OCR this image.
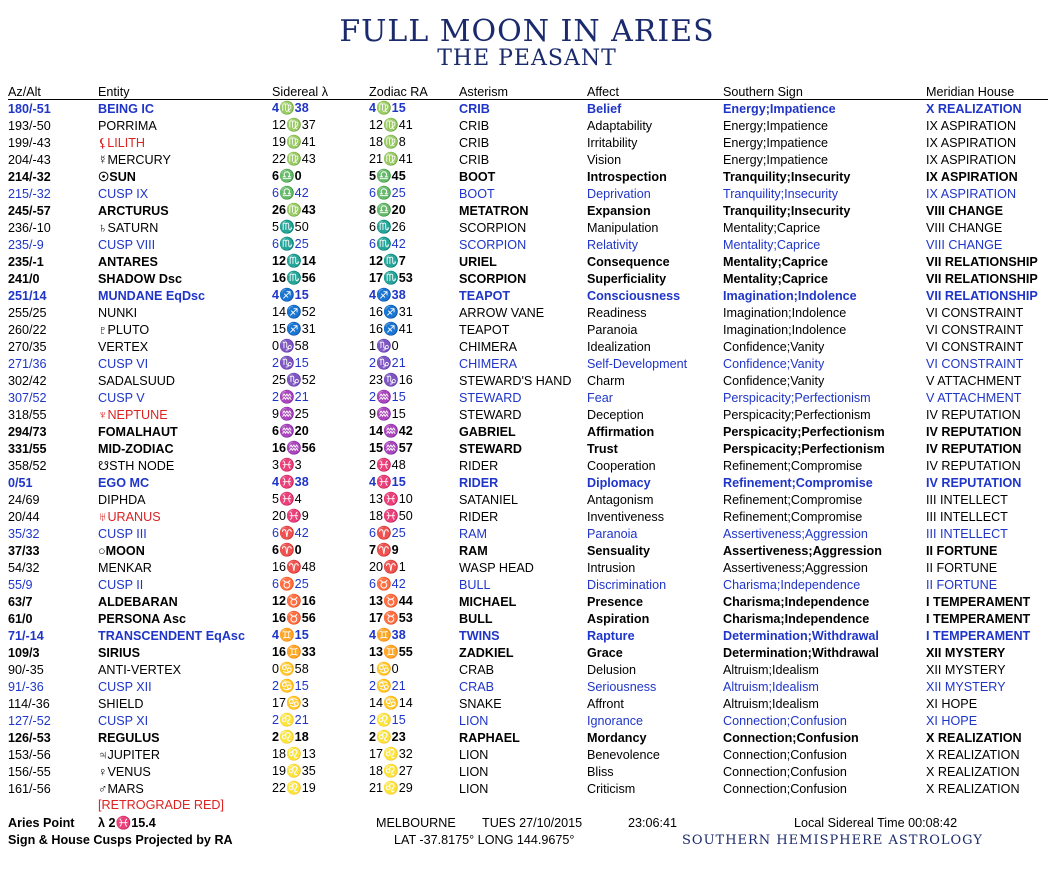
FULL MOON IN ARIES
THE PEASANT
Az/Alt	Entity	Sidereal λ	Zodiac RA	Asterism	Affect	Southern Sign	Meridian House
180/-51	BEING IC	4♍38	4♍15	CRIB	Belief	Energy;Impatience	X REALIZATION
193/-50	PORRIMA	12♍37	12♍41	CRIB	Adaptability	Energy;Impatience	IX ASPIRATION
199/-43	⚸LILITH	19♍41	18♍8	CRIB	Irritability	Energy;Impatience	IX ASPIRATION
204/-43	☿MERCURY	22♍43	21♍41	CRIB	Vision	Energy;Impatience	IX ASPIRATION
214/-32	☉SUN	6♎0	5♎45	BOOT	Introspection	Tranquility;Insecurity	IX ASPIRATION
215/-32	CUSP IX	6♎42	6♎25	BOOT	Deprivation	Tranquility;Insecurity	IX ASPIRATION
245/-57	ARCTURUS	26♍43	8♎20	METATRON	Expansion	Tranquility;Insecurity	VIII CHANGE
236/-10	♄SATURN	5♏50	6♏26	SCORPION	Manipulation	Mentality;Caprice	VIII CHANGE
235/-9	CUSP VIII	6♏25	6♏42	SCORPION	Relativity	Mentality;Caprice	VIII CHANGE
235/-1	ANTARES	12♏14	12♏7	URIEL	Consequence	Mentality;Caprice	VII RELATIONSHIP
241/0	SHADOW Dsc	16♏56	17♏53	SCORPION	Superficiality	Mentality;Caprice	VII RELATIONSHIP
251/14	MUNDANE EqDsc	4♐15	4♐38	TEAPOT	Consciousness	Imagination;Indolence	VII RELATIONSHIP
255/25	NUNKI	14♐52	16♐31	ARROW VANE	Readiness	Imagination;Indolence	VI CONSTRAINT
260/22	♇PLUTO	15♐31	16♐41	TEAPOT	Paranoia	Imagination;Indolence	VI CONSTRAINT
270/35	VERTEX	0♑58	1♑0	CHIMERA	Idealization	Confidence;Vanity	VI CONSTRAINT
271/36	CUSP VI	2♑15	2♑21	CHIMERA	Self-Development	Confidence;Vanity	VI CONSTRAINT
302/42	SADALSUUD	25♑52	23♑16	STEWARD'S HAND	Charm	Confidence;Vanity	V ATTACHMENT
307/52	CUSP V	2♒21	2♒15	STEWARD	Fear	Perspicacity;Perfectionism	V ATTACHMENT
318/55	♆NEPTUNE	9♒25	9♒15	STEWARD	Deception	Perspicacity;Perfectionism	IV REPUTATION
294/73	FOMALHAUT	6♒20	14♒42	GABRIEL	Affirmation	Perspicacity;Perfectionism	IV REPUTATION
331/55	MID-ZODIAC	16♒56	15♒57	STEWARD	Trust	Perspicacity;Perfectionism	IV REPUTATION
358/52	☋STH NODE	3♓3	2♓48	RIDER	Cooperation	Refinement;Compromise	IV REPUTATION
0/51	EGO MC	4♓38	4♓15	RIDER	Diplomacy	Refinement;Compromise	IV REPUTATION
24/69	DIPHDA	5♓4	13♓10	SATANIEL	Antagonism	Refinement;Compromise	III INTELLECT
20/44	♅URANUS	20♓9	18♓50	RIDER	Inventiveness	Refinement;Compromise	III INTELLECT
35/32	CUSP III	6♈42	6♈25	RAM	Paranoia	Assertiveness;Aggression	III INTELLECT
37/33	○MOON	6♈0	7♈9	RAM	Sensuality	Assertiveness;Aggression	II FORTUNE
54/32	MENKAR	16♈48	20♈1	WASP HEAD	Intrusion	Assertiveness;Aggression	II FORTUNE
55/9	CUSP II	6♉25	6♉42	BULL	Discrimination	Charisma;Independence	II FORTUNE
63/7	ALDEBARAN	12♉16	13♉44	MICHAEL	Presence	Charisma;Independence	I TEMPERAMENT
61/0	PERSONA Asc	16♉56	17♉53	BULL	Aspiration	Charisma;Independence	I TEMPERAMENT
71/-14	TRANSCENDENT EqAsc	4♊15	4♊38	TWINS	Rapture	Determination;Withdrawal	I TEMPERAMENT
109/3	SIRIUS	16♊33	13♊55	ZADKIEL	Grace	Determination;Withdrawal	XII MYSTERY
90/-35	ANTI-VERTEX	0♋58	1♋0	CRAB	Delusion	Altruism;Idealism	XII MYSTERY
91/-36	CUSP XII	2♋15	2♋21	CRAB	Seriousness	Altruism;Idealism	XII MYSTERY
114/-36	SHIELD	17♋3	14♋14	SNAKE	Affront	Altruism;Idealism	XI HOPE
127/-52	CUSP XI	2♌21	2♌15	LION	Ignorance	Connection;Confusion	XI HOPE
126/-53	REGULUS	2♌18	2♌23	RAPHAEL	Mordancy	Connection;Confusion	X REALIZATION
153/-56	♃JUPITER	18♌13	17♌32	LION	Benevolence	Connection;Confusion	X REALIZATION
156/-55	♀VENUS	19♌35	18♌27	LION	Bliss	Connection;Confusion	X REALIZATION
161/-56	♂MARS	22♌19	21♌29	LION	Criticism	Connection;Confusion	X REALIZATION
[RETROGRADE RED]
Aries Point λ 2♓15.4	MELBOURNE TUES 27/10/2015	23:06:41	Local Sidereal Time 00:08:42
Sign & House Cusps Projected by RA	LAT -37.8175° LONG 144.9675°	SOUTHERN HEMISPHERE ASTROLOGY
